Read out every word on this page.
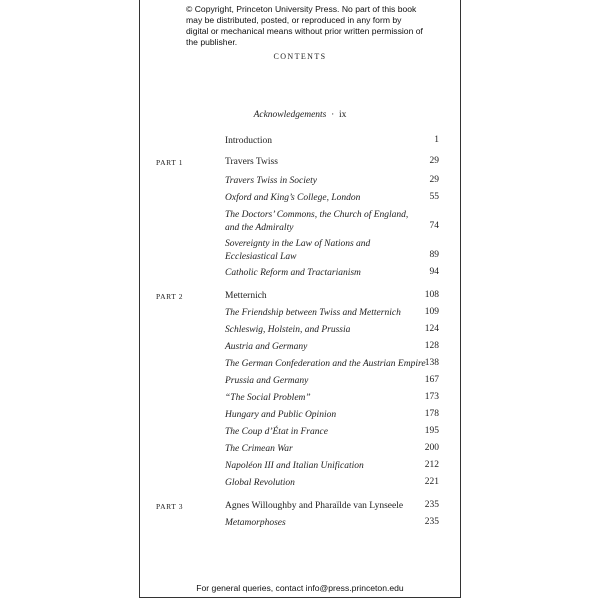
© Copyright, Princeton University Press. No part of this book may be distributed, posted, or reproduced in any form by digital or mechanical means without prior written permission of the publisher.
CONTENTS
Acknowledgements · ix
Introduction	1
PART 1	Travers Twiss	29
Travers Twiss in Society	29
Oxford and King’s College, London	55
The Doctors’ Commons, the Church of England, and the Admiralty	74
Sovereignty in the Law of Nations and Ecclesiastical Law	89
Catholic Reform and Tractarianism	94
PART 2	Metternich	108
The Friendship between Twiss and Metternich	109
Schleswig, Holstein, and Prussia	124
Austria and Germany	128
The German Confederation and the Austrian Empire 138
Prussia and Germany	167
“The Social Problem”	173
Hungary and Public Opinion	178
The Coup d’État in France	195
The Crimean War	200
Napoléon III and Italian Unification	212
Global Revolution	221
PART 3	Agnes Willoughby and Pharaïlde van Lynseele	235
Metamorphoses	235
For general queries, contact info@press.princeton.edu
